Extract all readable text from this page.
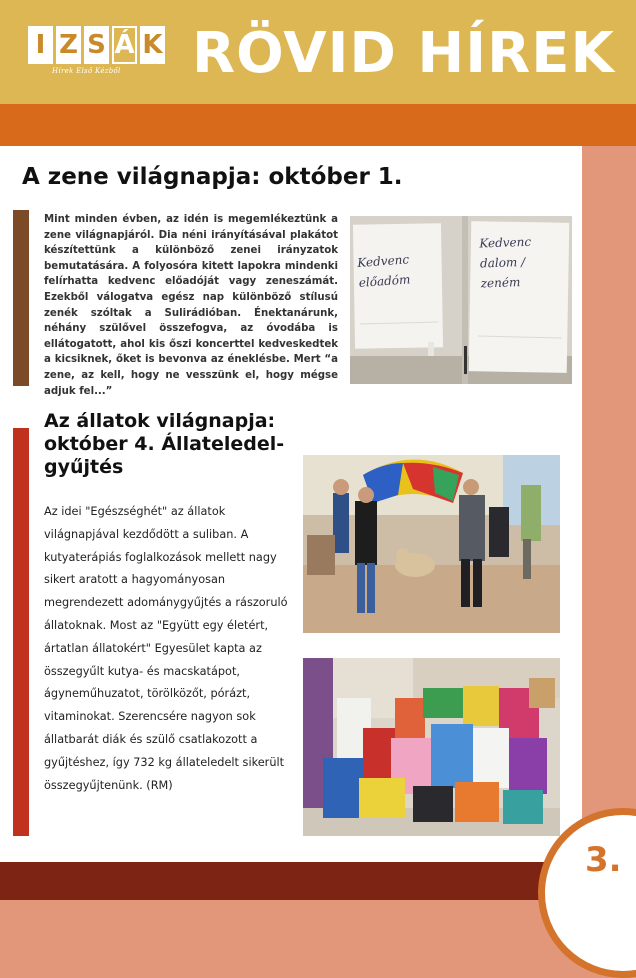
I Z S Á K
Hírek Első Kézből RÖVID HÍREK
A zene világnapja: október 1.

Mint minden évben, az idén is megemlékeztünk a zene világnapjáról. Dia néni irányításával plakátot készítettünk a különböző zenei irányzatok bemutatására. A folyosóra kitett lapokra mindenki felírhatta kedvenc előadóját vagy zeneszámát. Ezekből válogatva egész nap különböző stílusú zenék szóltak a Sulirádióban. Énektanárunk, néhány szülővel összefogva, az óvodába is ellátogatott, ahol kis őszi koncerttel kedveskedtek a kicsiknek, őket is bevonva az éneklésbe. Mert “a zene, az kell, hogy ne vesszünk el, hogy mégse adjuk fel...”

Kedvenc előadóm
Kedvenc dalom / zeném
Az állatok világnapja: október 4. Állateledel-gyűjtés

Az idei "Egészséghét" az állatok világnapjával kezdődött a suliban. A kutyaterápiás foglalkozások mellett nagy sikert aratott a hagyományosan megrendezett adománygyűjtés a rászoruló állatoknak. Most az "Együtt egy életért, ártatlan állatokért" Egyesület kapta az összegyűlt kutya- és macskatápot, ágyneműhuzatot, törölközőt, pórázt, vitaminokat. Szerencsére nagyon sok állatbarát diák és szülő csatlakozott a gyűjtéshez, így 732 kg állateledelt sikerült összegyűjtenünk. (RM)

3.
